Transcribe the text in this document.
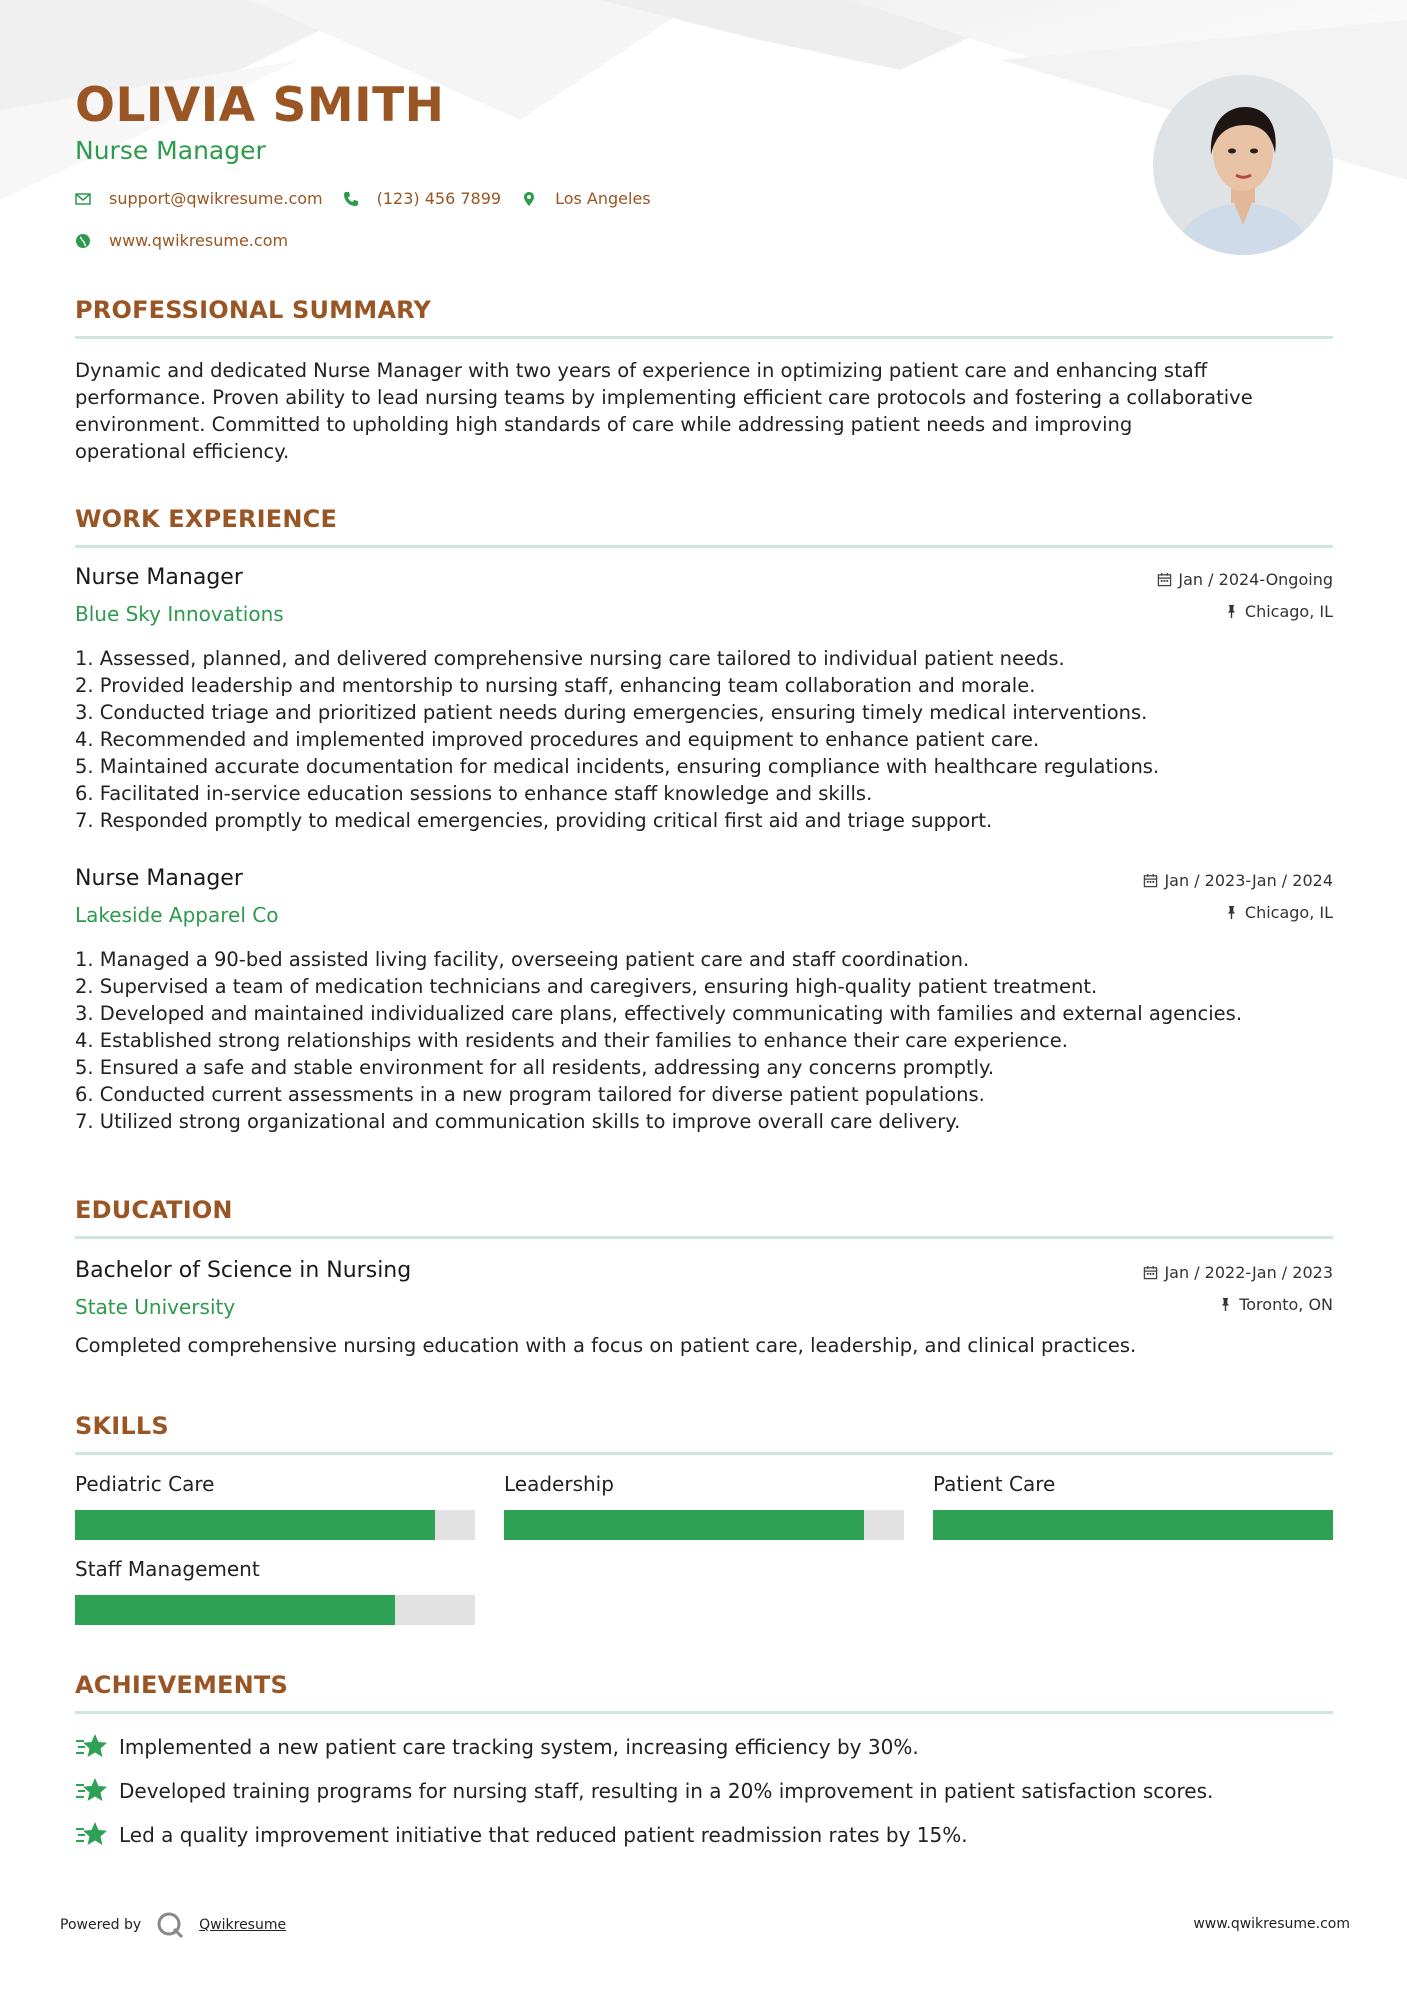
OLIVIA SMITH
Nurse Manager
support@qwikresume.com	(123) 456 7899	Los Angeles
www.qwikresume.com
PROFESSIONAL SUMMARY
Dynamic and dedicated Nurse Manager with two years of experience in optimizing patient care and enhancing staff
performance. Proven ability to lead nursing teams by implementing efficient care protocols and fostering a collaborative
environment. Committed to upholding high standards of care while addressing patient needs and improving
operational efficiency.
WORK EXPERIENCE
Nurse Manager
Blue Sky Innovations
Jan / 2024-Ongoing
Chicago, IL
1. Assessed, planned, and delivered comprehensive nursing care tailored to individual patient needs.
2. Provided leadership and mentorship to nursing staff, enhancing team collaboration and morale.
3. Conducted triage and prioritized patient needs during emergencies, ensuring timely medical interventions.
4. Recommended and implemented improved procedures and equipment to enhance patient care.
5. Maintained accurate documentation for medical incidents, ensuring compliance with healthcare regulations.
6. Facilitated in-service education sessions to enhance staff knowledge and skills.
7. Responded promptly to medical emergencies, providing critical first aid and triage support.
Nurse Manager
Lakeside Apparel Co
Jan / 2023-Jan / 2024
Chicago, IL
1. Managed a 90-bed assisted living facility, overseeing patient care and staff coordination.
2. Supervised a team of medication technicians and caregivers, ensuring high-quality patient treatment.
3. Developed and maintained individualized care plans, effectively communicating with families and external agencies.
4. Established strong relationships with residents and their families to enhance their care experience.
5. Ensured a safe and stable environment for all residents, addressing any concerns promptly.
6. Conducted current assessments in a new program tailored for diverse patient populations.
7. Utilized strong organizational and communication skills to improve overall care delivery.
EDUCATION
Bachelor of Science in Nursing
State University
Jan / 2022-Jan / 2023
Toronto, ON
Completed comprehensive nursing education with a focus on patient care, leadership, and clinical practices.
SKILLS
Pediatric Care	Leadership	Patient Care
Staff Management
ACHIEVEMENTS
Implemented a new patient care tracking system, increasing efficiency by 30%.
Developed training programs for nursing staff, resulting in a 20% improvement in patient satisfaction scores.
Led a quality improvement initiative that reduced patient readmission rates by 15%.
Powered by	Qwikresume	www.qwikresume.com
